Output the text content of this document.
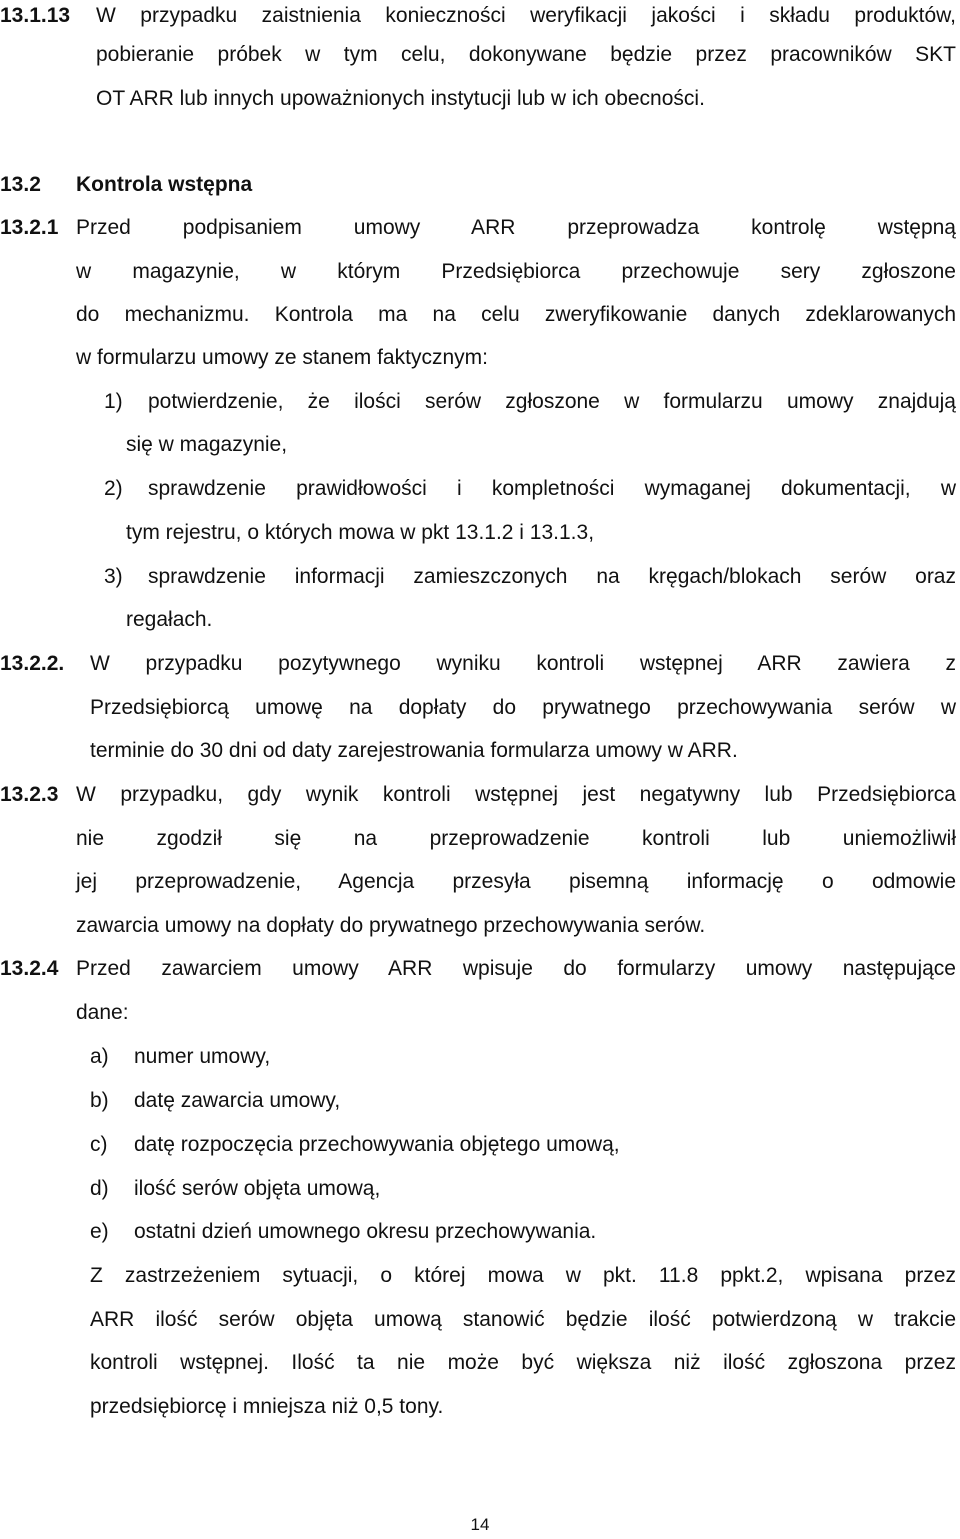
13.1.13 W przypadku zaistnienia konieczności weryfikacji jakości i składu produktów,
pobieranie próbek w tym celu, dokonywane będzie przez pracowników SKT
OT ARR lub innych upoważnionych instytucji lub w ich obecności.
13.2 Kontrola wstępna
13.2.1 Przed podpisaniem umowy ARR przeprowadza kontrolę wstępną
w magazynie, w którym Przedsiębiorca przechowuje sery zgłoszone
do mechanizmu. Kontrola ma na celu zweryfikowanie danych zdeklarowanych
w formularzu umowy ze stanem faktycznym:
1) potwierdzenie, że ilości serów zgłoszone w formularzu umowy znajdują
się w magazynie,
2) sprawdzenie prawidłowości i kompletności wymaganej dokumentacji, w
tym rejestru, o których mowa w pkt 13.1.2 i 13.1.3,
3) sprawdzenie informacji zamieszczonych na kręgach/blokach serów oraz
regałach.
13.2.2. W przypadku pozytywnego wyniku kontroli wstępnej ARR zawiera z
Przedsiębiorcą umowę na dopłaty do prywatnego przechowywania serów w
terminie do 30 dni od daty zarejestrowania formularza umowy w ARR.
13.2.3 W przypadku, gdy wynik kontroli wstępnej jest negatywny lub Przedsiębiorca
nie zgodził się na przeprowadzenie kontroli lub uniemożliwił
jej przeprowadzenie, Agencja przesyła pisemną informację o odmowie
zawarcia umowy na dopłaty do prywatnego przechowywania serów.
13.2.4 Przed zawarciem umowy ARR wpisuje do formularzy umowy następujące
dane:
a) numer umowy,
b) datę zawarcia umowy,
c) datę rozpoczęcia przechowywania objętego umową,
d) ilość serów objęta umową,
e) ostatni dzień umownego okresu przechowywania.
Z zastrzeżeniem sytuacji, o której mowa w pkt. 11.8 ppkt.2, wpisana przez
ARR ilość serów objęta umową stanowić będzie ilość potwierdzoną w trakcie
kontroli wstępnej. Ilość ta nie może być większa niż ilość zgłoszona przez
przedsiębiorcę i mniejsza niż 0,5 tony.
14
